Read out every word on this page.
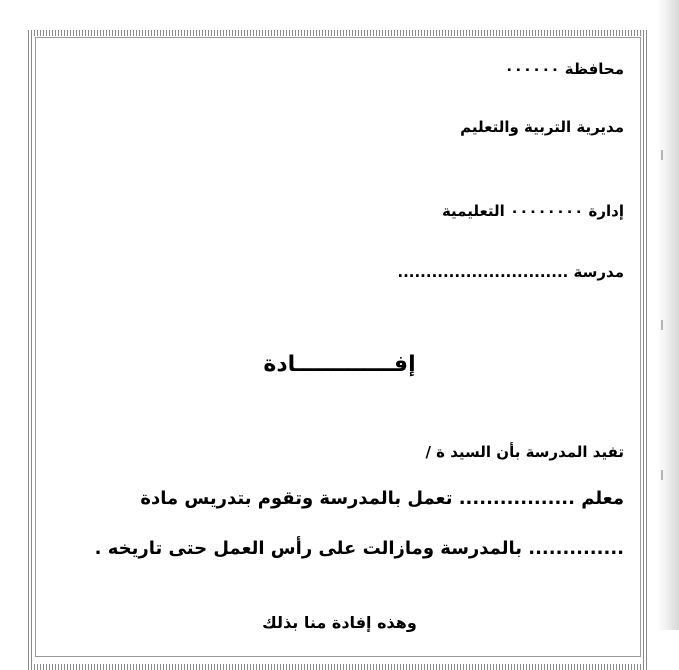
محافظة ٠٠٠٠٠٠
مديرية التربية والتعليم
إدارة ٠٠٠٠٠٠٠٠ التعليمية
مدرسة ..............................
إفـــــــــــــادة
تفيد المدرسة بأن السيد ة /
معلم ................. تعمل بالمدرسة وتقوم بتدريس مادة
.............. بالمدرسة ومازالت على رأس العمل حتى تاريخه .
وهذه إفادة منا بذلك
